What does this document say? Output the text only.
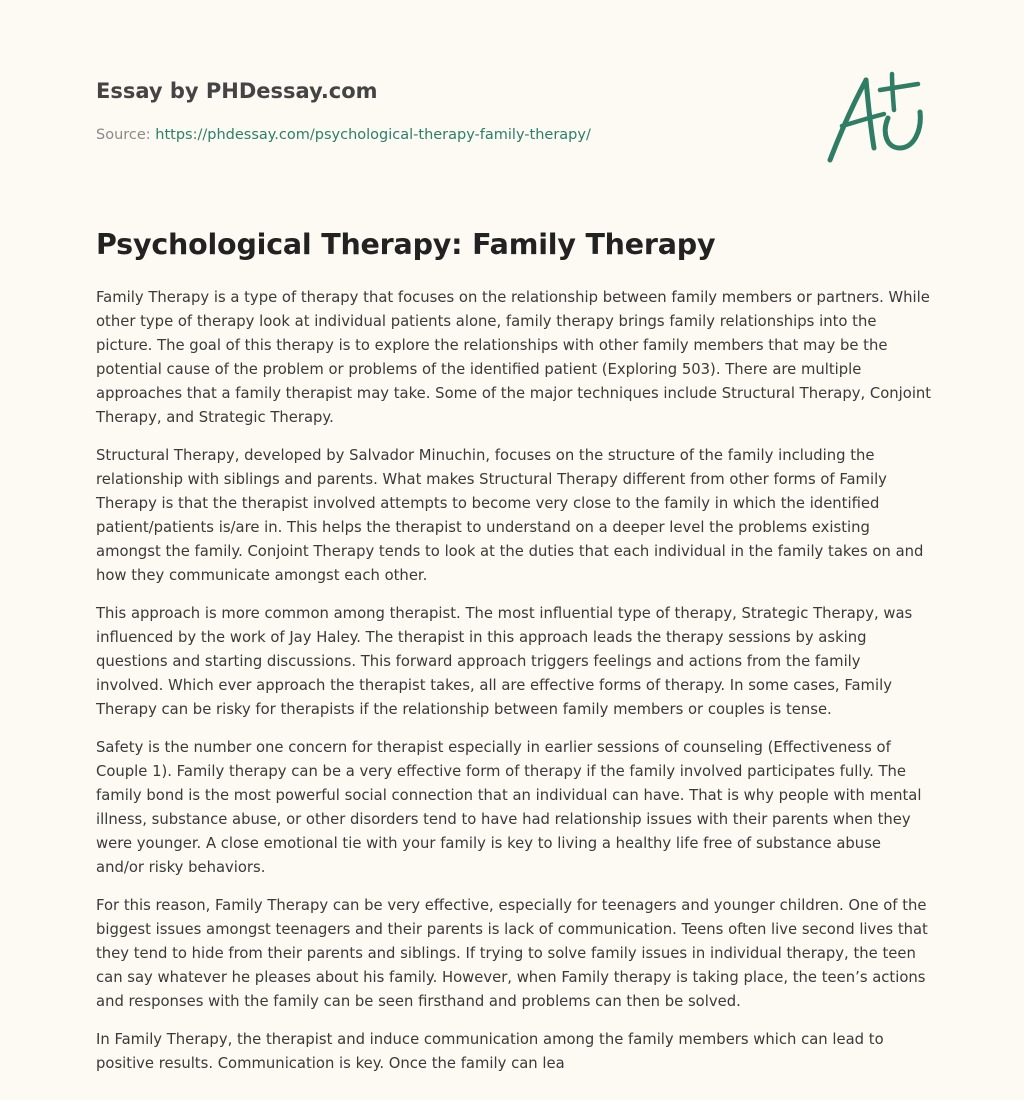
Essay by PHDessay.com
Source: https://phdessay.com/psychological-therapy-family-therapy/
Psychological Therapy: Family Therapy

Family Therapy is a type of therapy that focuses on the relationship between family members or partners. While other type of therapy look at individual patients alone, family therapy brings family relationships into the picture. The goal of this therapy is to explore the relationships with other family members that may be the potential cause of the problem or problems of the identified patient (Exploring 503). There are multiple approaches that a family therapist may take. Some of the major techniques include Structural Therapy, Conjoint Therapy, and Strategic Therapy.

Structural Therapy, developed by Salvador Minuchin, focuses on the structure of the family including the relationship with siblings and parents. What makes Structural Therapy different from other forms of Family Therapy is that the therapist involved attempts to become very close to the family in which the identified patient/patients is/are in. This helps the therapist to understand on a deeper level the problems existing amongst the family. Conjoint Therapy tends to look at the duties that each individual in the family takes on and how they communicate amongst each other.

This approach is more common among therapist. The most influential type of therapy, Strategic Therapy, was influenced by the work of Jay Haley. The therapist in this approach leads the therapy sessions by asking questions and starting discussions. This forward approach triggers feelings and actions from the family involved. Which ever approach the therapist takes, all are effective forms of therapy. In some cases, Family Therapy can be risky for therapists if the relationship between family members or couples is tense.

Safety is the number one concern for therapist especially in earlier sessions of counseling (Effectiveness of Couple 1). Family therapy can be a very effective form of therapy if the family involved participates fully. The family bond is the most powerful social connection that an individual can have. That is why people with mental illness, substance abuse, or other disorders tend to have had relationship issues with their parents when they were younger. A close emotional tie with your family is key to living a healthy life free of substance abuse and/or risky behaviors.

For this reason, Family Therapy can be very effective, especially for teenagers and younger children. One of the biggest issues amongst teenagers and their parents is lack of communication. Teens often live second lives that they tend to hide from their parents and siblings. If trying to solve family issues in individual therapy, the teen can say whatever he pleases about his family. However, when Family therapy is taking place, the teen’s actions and responses with the family can be seen firsthand and problems can then be solved.

In Family Therapy, the therapist and induce communication among the family members which can lead to positive results. Communication is key. Once the family can lea
